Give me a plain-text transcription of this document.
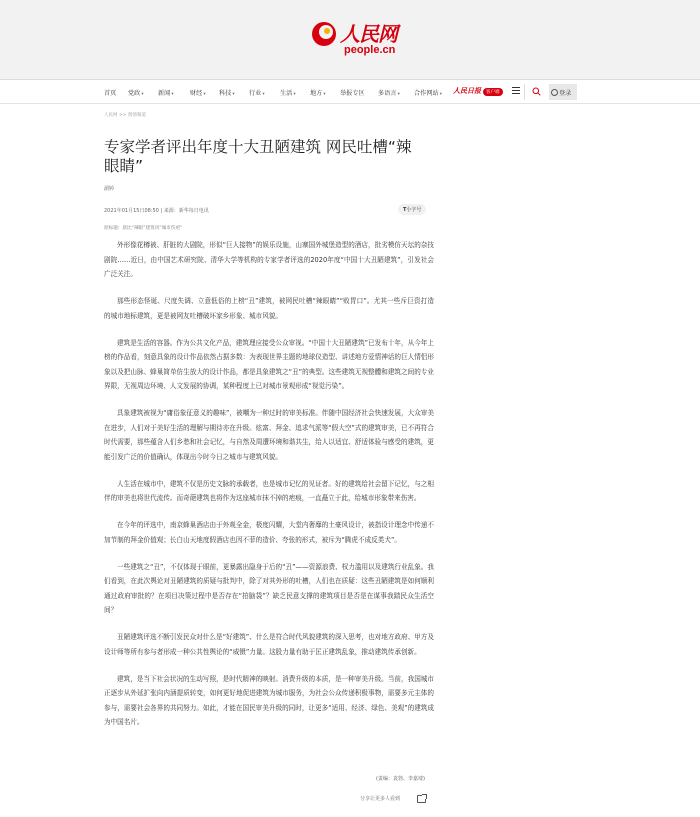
人民网
people.cn
首页 党政▾ 新闻▾	财经▾ 科技▾ 行业▾ 生活▾ 地方▾ 举报专区 多语言▾ 合作网站▾ 人民日报	客户端	登录
人民网 >> 舆情频道
专家学者评出年度十大丑陋建筑 网民吐槽“辣眼睛”
湄婷
2021年01月15日08:50 | 来源：新华每日电讯	T小字号
原标题：晨比“辣眼”建筑风“城市伤疤”

外形像花樽被、肝脏的大剧院，形似“巨人接物”的娱乐设施，山寨国外城堡造型的酒店，批劣模仿天坛的杂技剧院……近日，由中国艺术研究院、清华大学等机构的专家学者评选的2020年度“中国十大丑陋建筑”，引发社会广泛关注。

那些形态怪诞、尺度失调、立意低俗的上榜“丑”建筑，被网民吐槽“辣眼睛”“败胃口”。尤其一些斥巨资打造的城市地标建筑，更是被网友吐槽破坏家乡形象、城市风貌。

建筑是生活的容器。作为公共文化产品，建筑理应接受公众审视。“中国十大丑陋建筑”已发布十年，从今年上榜的作品看，刻意具象的设计作品依然占据多数：为表现世界主题的地球仪造型、讲述地方爱情神话的巨人情侣形象以及把山脉、蜂巢简单仿生放大的设计作品，都是具象建筑之“丑”的典型。这些建筑无视整體和建筑之间的专业界限，无视周边环境、人文发展的协调，某种程度上已对城市景观形成“视觉污染”。

具象建筑被视为“庸俗象征意义的趣味”，被嘲为一种过时的审美标准。伴随中国经济社会快速发展，大众审美在进步，人们对于美好生活的理解与期待亦在升级。炫富、拜金、追求气派等“假大空”式的建筑审美，已不再符合时代需要，那些蕴含人们乡愁和社会记忆，与自然及周遭环境和谐共生，给人以适宜、舒适体验与感受的建筑，更能引发广泛的价值确认，体现出今时今日之城市与建筑风貌。

人生活在城市中，建筑不仅是历史文脉的承载者，也是城市记忆的见证者。好的建筑给社会留下记忆，与之相伴的审美也将世代流传。而奇葩建筑也将作为这座城市抹不掉的疤痕，一直矗立于此，给城市形象带来伤害。

在今年的评选中，南京蜂巢酒店由于外观全金，极度闪耀，大堂内奢靡的土豪风设计，被指设计理念中传递不加节制的拜金价值观；长白山天地度假酒店也因不菲的造价、夸张的形式，被斥为“腾虎不成反类犬”。

一些建筑之“丑”，不仅体现于眼前，更暴露出隐身于后的“丑”——资源浪费、权力滥用以及建筑行业乱象。我们看到，在此次舆论对丑陋建筑的质疑与批判中，除了对其外形的吐槽，人们也在质疑：这些丑陋建筑是如何顺利通过政府审批的？在项目决策过程中是否存在“拍脑袋”？缺乏民意支撑的建筑项目是否是在谋事我踏民众生活空间？

丑陋建筑评选不断引发民众对什么是“好建筑”、什么是符合时代风貌建筑的深入思考，也对地方政府、甲方及设计师等所有参与者形成一种公共性舆论的“威慑”力量。这股力量有助于匡正建筑乱象，推动建筑传承创新。

建筑，是当下社会状况的生动写照，是时代精神的映射。消费升级的本质，是一种审美升级。当前，我国城市正逐步从外延扩张向内涵提质转变，如何更好地促进建筑为城市服务，为社会公众传递积极事物，需要多元主体的参与，需要社会各界的共同努力。如此，才能在国民审美升级的同时，让更多“适用、经济、绿色、美观”的建筑成为中国名片。

(责编：袁勃、李嘉琦)
分享让更多人看到
